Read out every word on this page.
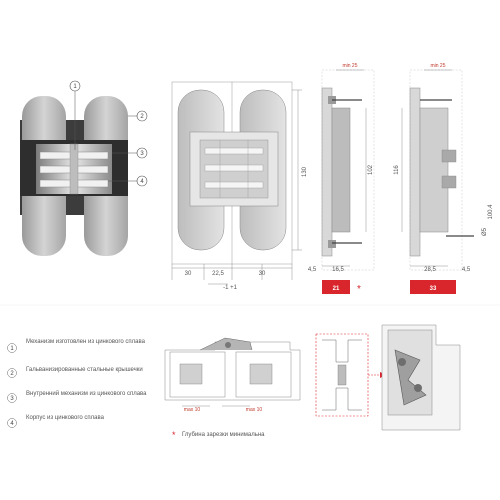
1
2
3
4
130
30	22,5	30
-1 +1
min 25
102
4,5	16,5
21 *
min 25
116
4,5
28,5
Ø5
100.4
33
1
Механизм изготовлен из цинкового сплава
2
Гальванизированные стальные крышечки
3
Внутренний механизм из цинкового сплава
4
Корпус из цинкового сплава
max 10	max 10
* Глубина зарезки минимальна
